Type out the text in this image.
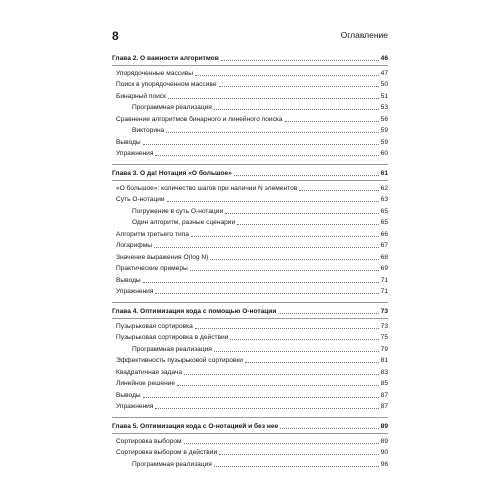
8	Оглавление
Глава 2. О важности алгоритмов	46
Упорядоченные массивы	47
Поиск в упорядоченном массиве	50
Бинарный поиск	51
Программная реализация	53
Сравнение алгоритмов бинарного и линейного поиска	56
Викторина	59
Выводы	59
Упражнения	60
Глава 3. О да! Нотация «О большое»	61
«О большое»: количество шагов при наличии N элементов	62
Суть О-нотации	63
Погружение в суть О-нотации	65
Один алгоритм, разные сценарии	65
Алгоритм третьего типа	66
Логарифмы	67
Значение выражения O(log N)	68
Практические примеры	69
Выводы	71
Упражнения	71
Глава 4. Оптимизация кода с помощью О-нотации	73
Пузырьковая сортировка	73
Пузырьковая сортировка в действии	75
Программная реализация	79
Эффективность пузырьковой сортировки	81
Квадратичная задача	83
Линейное решение	85
Выводы	87
Упражнения	87
Глава 5. Оптимизация кода с О-нотацией и без нее	89
Сортировка выбором	89
Сортировка выбором в действии	90
Программная реализация	96
